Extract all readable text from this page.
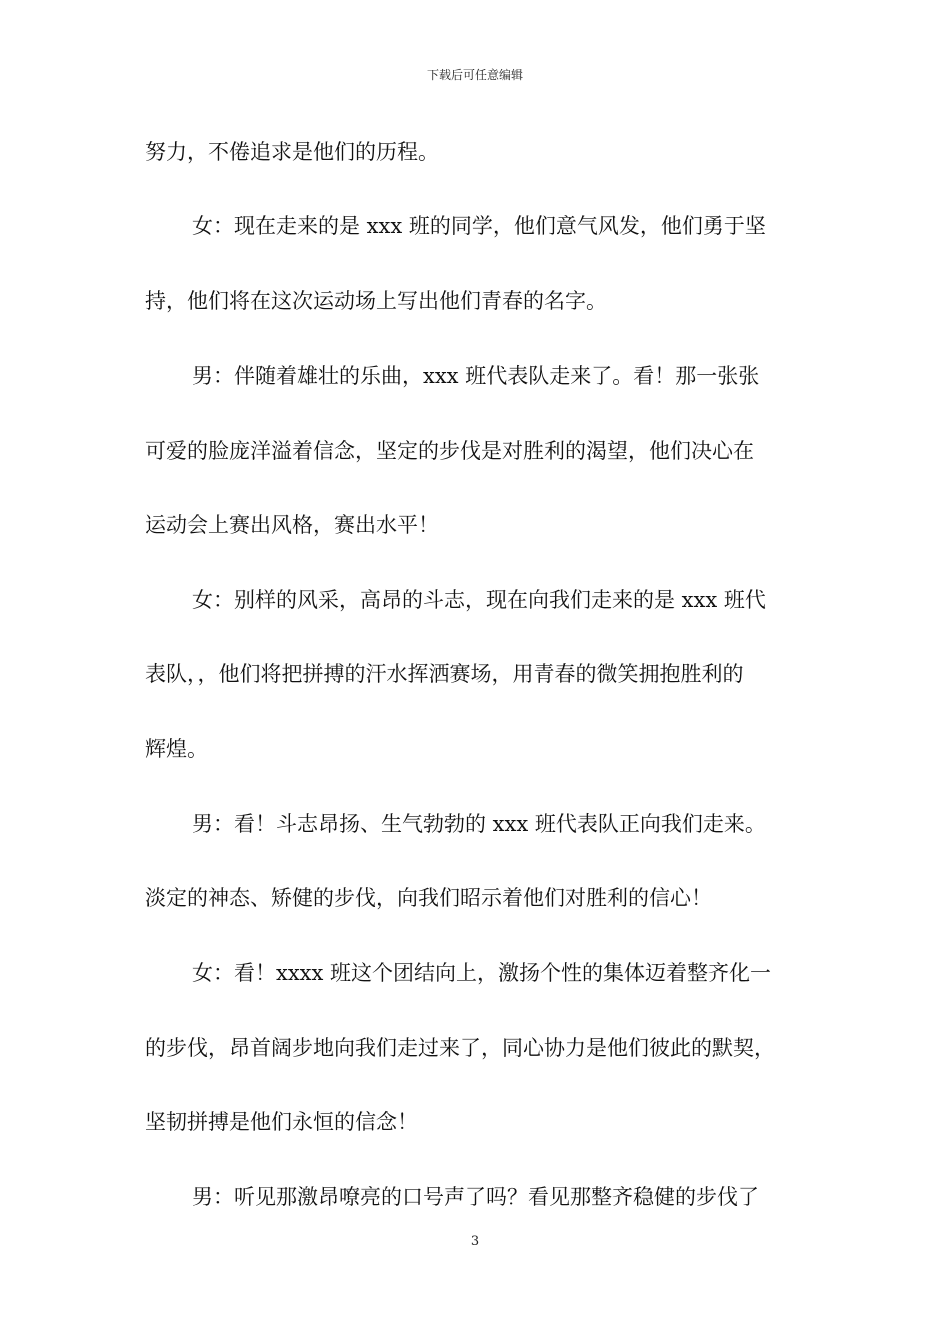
下载后可任意编辑
努力，不倦追求是他们的历程。
女：现在走来的是 xxx 班的同学，他们意气风发，他们勇于坚
持，他们将在这次运动场上写出他们青春的名字。
男：伴随着雄壮的乐曲，xxx 班代表队走来了。看！那一张张
可爱的脸庞洋溢着信念，坚定的步伐是对胜利的渴望，他们决心在
运动会上赛出风格，赛出水平！
女：别样的风采，高昂的斗志，现在向我们走来的是 xxx 班代
表队，，他们将把拼搏的汗水挥洒赛场，用青春的微笑拥抱胜利的
辉煌。
男：看！斗志昂扬、生气勃勃的 xxx 班代表队正向我们走来。
淡定的神态、矫健的步伐，向我们昭示着他们对胜利的信心！
女：看！xxxx 班这个团结向上，激扬个性的集体迈着整齐化一
的步伐，昂首阔步地向我们走过来了，同心协力是他们彼此的默契，
坚韧拼搏是他们永恒的信念！
男：听见那激昂嘹亮的口号声了吗？看见那整齐稳健的步伐了
3
